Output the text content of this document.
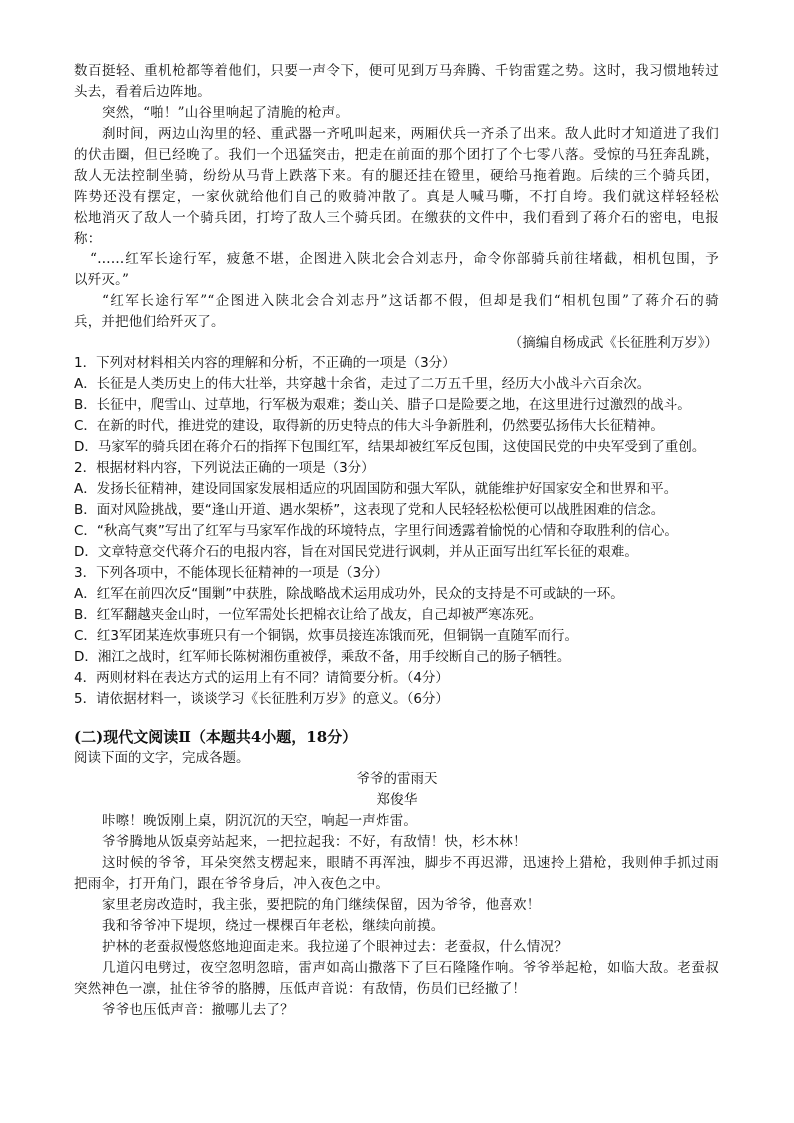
数百挺轻、重机枪都等着他们，只要一声令下，便可见到万马奔腾、千钧雷霆之势。这时，我习惯地转过
头去，看着后边阵地。
突然，“啪！”山谷里响起了清脆的枪声。
刹时间，两边山沟里的轻、重武器一齐吼叫起来，两厢伏兵一齐杀了出来。敌人此时才知道进了我们
的伏击圈，但已经晚了。我们一个迅猛突击，把走在前面的那个团打了个七零八落。受惊的马狂奔乱跳，
敌人无法控制坐骑，纷纷从马背上跌落下来。有的腿还挂在镫里，硬给马拖着跑。后续的三个骑兵团，
阵势还没有摆定，一家伙就给他们自己的败骑冲散了。真是人喊马嘶，不打自垮。我们就这样轻轻松
松地消灭了敌人一个骑兵团，打垮了敌人三个骑兵团。在缴获的文件中，我们看到了蒋介石的密电，电报
称：
“……红军长途行军，疲惫不堪，企图进入陕北会合刘志丹，命令你部骑兵前往堵截，相机包围，予
以歼灭。”
“红军长途行军”“企图进入陕北会合刘志丹”这话都不假，但却是我们“相机包围”了蒋介石的骑
兵，并把他们给歼灭了。
（摘编自杨成武《长征胜利万岁》）
1．下列对材料相关内容的理解和分析，不正确的一项是（3分）
A．长征是人类历史上的伟大壮举，共穿越十余省，走过了二万五千里，经历大小战斗六百余次。
B．长征中，爬雪山、过草地，行军极为艰难；娄山关、腊子口是险要之地，在这里进行过激烈的战斗。
C．在新的时代，推进党的建设，取得新的历史特点的伟大斗争新胜利，仍然要弘扬伟大长征精神。
D．马家军的骑兵团在蒋介石的指挥下包围红军，结果却被红军反包围，这使国民党的中央军受到了重创。
2．根据材料内容，下列说法正确的一项是（3分）
A．发扬长征精神，建设同国家发展相适应的巩固国防和强大军队，就能维护好国家安全和世界和平。
B．面对风险挑战，要“逢山开道、遇水架桥”，这表现了党和人民轻轻松松便可以战胜困难的信念。
C．“秋高气爽”写出了红军与马家军作战的环境特点，字里行间透露着愉悦的心情和夺取胜利的信心。
D．文章特意交代蒋介石的电报内容，旨在对国民党进行讽刺，并从正面写出红军长征的艰难。
3．下列各项中，不能体现长征精神的一项是（3分）
A．红军在前四次反“围剿”中获胜，除战略战术运用成功外，民众的支持是不可或缺的一环。
B．红军翻越夹金山时，一位军需处长把棉衣让给了战友，自己却被严寒冻死。
C．红3军团某连炊事班只有一个铜锅，炊事员接连冻饿而死，但铜锅一直随军而行。
D．湘江之战时，红军师长陈树湘伤重被俘，乘敌不备，用手绞断自己的肠子牺牲。
4．两则材料在表达方式的运用上有不同？请简要分析。（4分）
5．请依据材料一，谈谈学习《长征胜利万岁》的意义。（6分）
(二)现代文阅读Ⅱ（本题共4小题，18分）
阅读下面的文字，完成各题。
爷爷的雷雨天
郑俊华
咔嚓！晚饭刚上桌，阴沉沉的天空，响起一声炸雷。
爷爷腾地从饭桌旁站起来，一把拉起我：不好，有敌情！快，杉木林！
这时候的爷爷，耳朵突然支楞起来，眼睛不再浑浊，脚步不再迟滞，迅速拎上猎枪，我则伸手抓过雨
把雨伞，打开角门，跟在爷爷身后，冲入夜色之中。
家里老房改造时，我主张，要把院的角门继续保留，因为爷爷，他喜欢！
我和爷爷冲下堤坝，绕过一棵棵百年老松，继续向前摸。
护林的老蚕叔慢悠悠地迎面走来。我拉递了个眼神过去：老蚕叔，什么情况？
几道闪电劈过，夜空忽明忽暗，雷声如高山撒落下了巨石隆隆作响。爷爷举起枪，如临大敌。老蚕叔
突然神色一凛，扯住爷爷的胳膊，压低声音说：有敌情，伤员们已经撤了！
爷爷也压低声音：撤哪儿去了？
